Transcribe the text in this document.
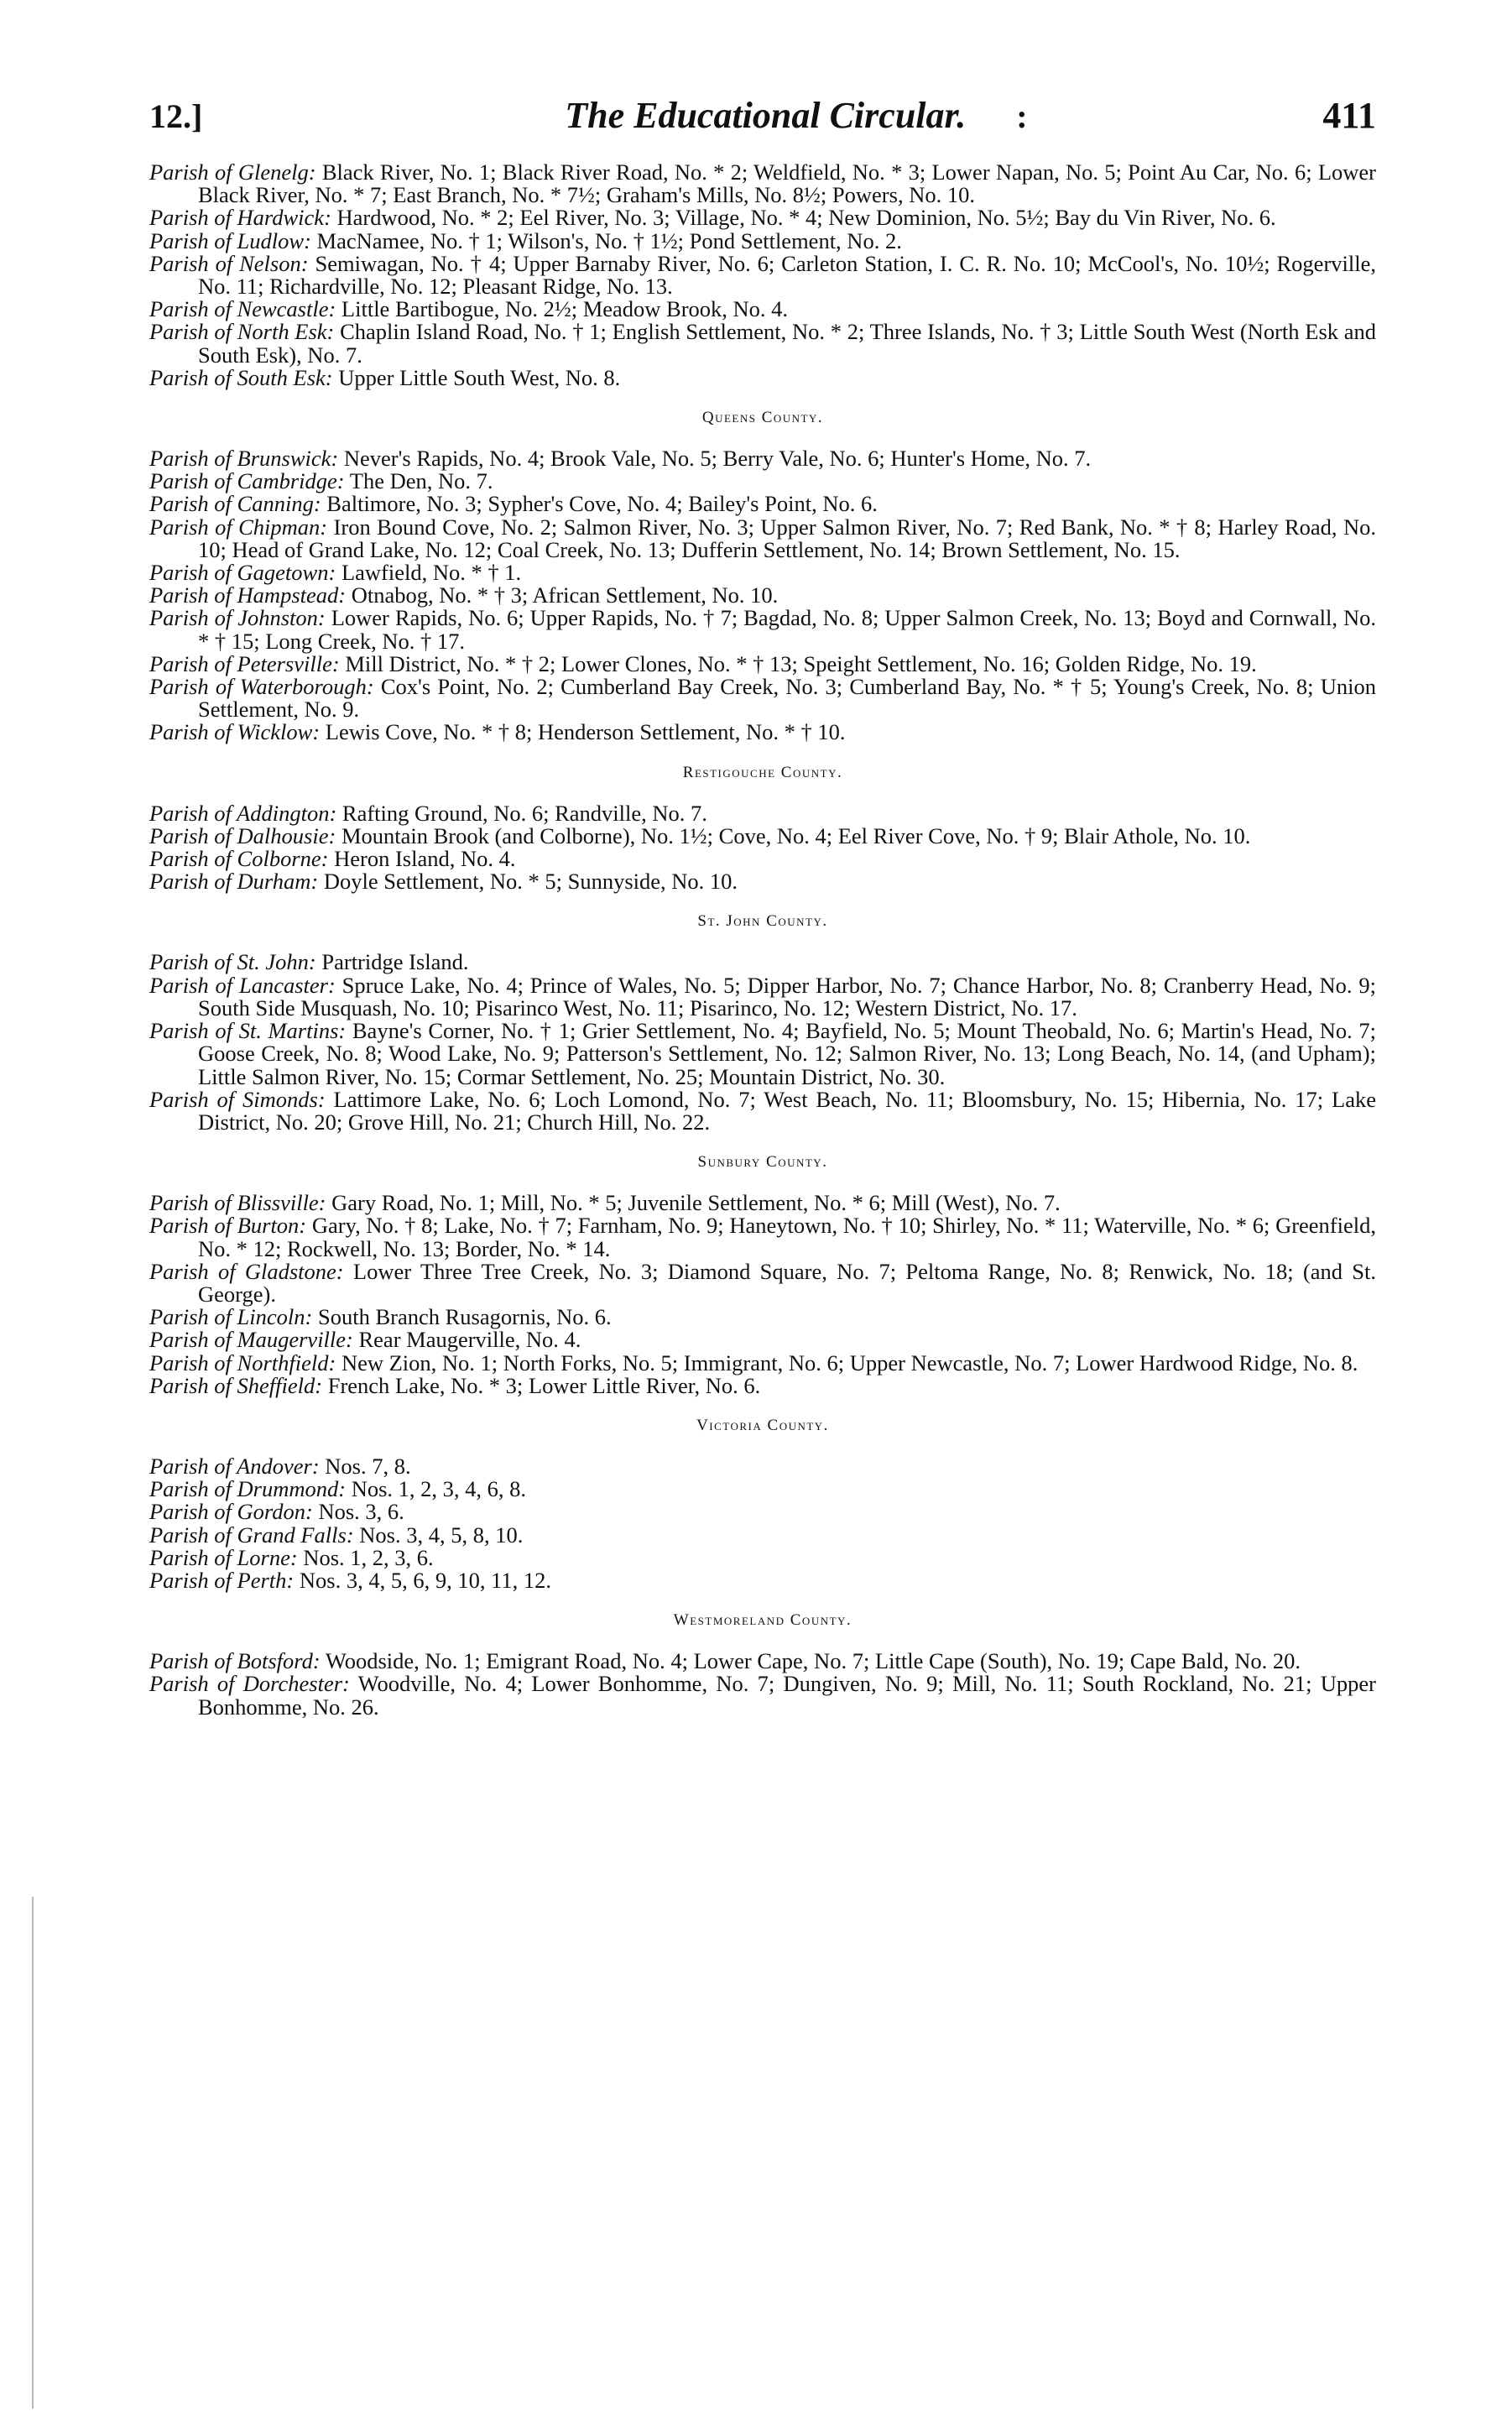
12.]	The Educational Circular. :	411

Parish of Glenelg: Black River, No. 1; Black River Road, No. * 2; Weldfield, No. * 3; Lower Napan, No. 5; Point Au Car, No. 6; Lower Black River, No. * 7; East Branch, No. * 7½; Graham's Mills, No. 8½; Powers, No. 10.

Parish of Hardwick: Hardwood, No. * 2; Eel River, No. 3; Village, No. * 4; New Dominion, No. 5½; Bay du Vin River, No. 6.

Parish of Ludlow: MacNamee, No. † 1; Wilson's, No. † 1½; Pond Settlement, No. 2.

Parish of Nelson: Semiwagan, No. † 4; Upper Barnaby River, No. 6; Carleton Station, I. C. R. No. 10; McCool's, No. 10½; Rogerville, No. 11; Richardville, No. 12; Pleasant Ridge, No. 13.

Parish of Newcastle: Little Bartibogue, No. 2½; Meadow Brook, No. 4.

Parish of North Esk: Chaplin Island Road, No. † 1; English Settlement, No. * 2; Three Islands, No. † 3; Little South West (North Esk and South Esk), No. 7.

Parish of South Esk: Upper Little South West, No. 8.

Queens County.

Parish of Brunswick: Never's Rapids, No. 4; Brook Vale, No. 5; Berry Vale, No. 6; Hunter's Home, No. 7.

Parish of Cambridge: The Den, No. 7.

Parish of Canning: Baltimore, No. 3; Sypher's Cove, No. 4; Bailey's Point, No. 6.

Parish of Chipman: Iron Bound Cove, No. 2; Salmon River, No. 3; Upper Salmon River, No. 7; Red Bank, No. * † 8; Harley Road, No. 10; Head of Grand Lake, No. 12; Coal Creek, No. 13; Dufferin Settlement, No. 14; Brown Settlement, No. 15.

Parish of Gagetown: Lawfield, No. * † 1.

Parish of Hampstead: Otnabog, No. * † 3; African Settlement, No. 10.

Parish of Johnston: Lower Rapids, No. 6; Upper Rapids, No. † 7; Bagdad, No. 8; Upper Salmon Creek, No. 13; Boyd and Cornwall, No. * † 15; Long Creek, No. † 17.

Parish of Petersville: Mill District, No. * † 2; Lower Clones, No. * † 13; Speight Settlement, No. 16; Golden Ridge, No. 19.

Parish of Waterborough: Cox's Point, No. 2; Cumberland Bay Creek, No. 3; Cumberland Bay, No. * † 5; Young's Creek, No. 8; Union Settlement, No. 9.

Parish of Wicklow: Lewis Cove, No. * † 8; Henderson Settlement, No. * † 10.

Restigouche County.

Parish of Addington: Rafting Ground, No. 6; Randville, No. 7.

Parish of Dalhousie: Mountain Brook (and Colborne), No. 1½; Cove, No. 4; Eel River Cove, No. † 9; Blair Athole, No. 10.

Parish of Colborne: Heron Island, No. 4.

Parish of Durham: Doyle Settlement, No. * 5; Sunnyside, No. 10.

St. John County.

Parish of St. John: Partridge Island.

Parish of Lancaster: Spruce Lake, No. 4; Prince of Wales, No. 5; Dipper Harbor, No. 7; Chance Harbor, No. 8; Cranberry Head, No. 9; South Side Musquash, No. 10; Pisarinco West, No. 11; Pisarinco, No. 12; Western District, No. 17.

Parish of St. Martins: Bayne's Corner, No. † 1; Grier Settlement, No. 4; Bayfield, No. 5; Mount Theobald, No. 6; Martin's Head, No. 7; Goose Creek, No. 8; Wood Lake, No. 9; Patterson's Settlement, No. 12; Salmon River, No. 13; Long Beach, No. 14, (and Upham); Little Salmon River, No. 15; Cormar Settlement, No. 25; Mountain District, No. 30.

Parish of Simonds: Lattimore Lake, No. 6; Loch Lomond, No. 7; West Beach, No. 11; Bloomsbury, No. 15; Hibernia, No. 17; Lake District, No. 20; Grove Hill, No. 21; Church Hill, No. 22.

Sunbury County.

Parish of Blissville: Gary Road, No. 1; Mill, No. * 5; Juvenile Settlement, No. * 6; Mill (West), No. 7.

Parish of Burton: Gary, No. † 8; Lake, No. † 7; Farnham, No. 9; Haneytown, No. † 10; Shirley, No. * 11; Waterville, No. * 6; Greenfield, No. * 12; Rockwell, No. 13; Border, No. * 14.

Parish of Gladstone: Lower Three Tree Creek, No. 3; Diamond Square, No. 7; Peltoma Range, No. 8; Renwick, No. 18; (and St. George).

Parish of Lincoln: South Branch Rusagornis, No. 6.

Parish of Maugerville: Rear Maugerville, No. 4.

Parish of Northfield: New Zion, No. 1; North Forks, No. 5; Immigrant, No. 6; Upper Newcastle, No. 7; Lower Hardwood Ridge, No. 8.

Parish of Sheffield: French Lake, No. * 3; Lower Little River, No. 6.

Victoria County.

Parish of Andover: Nos. 7, 8.

Parish of Drummond: Nos. 1, 2, 3, 4, 6, 8.

Parish of Gordon: Nos. 3, 6.

Parish of Grand Falls: Nos. 3, 4, 5, 8, 10.

Parish of Lorne: Nos. 1, 2, 3, 6.

Parish of Perth: Nos. 3, 4, 5, 6, 9, 10, 11, 12.

Westmoreland County.

Parish of Botsford: Woodside, No. 1; Emigrant Road, No. 4; Lower Cape, No. 7; Little Cape (South), No. 19; Cape Bald, No. 20.

Parish of Dorchester: Woodville, No. 4; Lower Bonhomme, No. 7; Dungiven, No. 9; Mill, No. 11; South Rockland, No. 21; Upper Bonhomme, No. 26.
